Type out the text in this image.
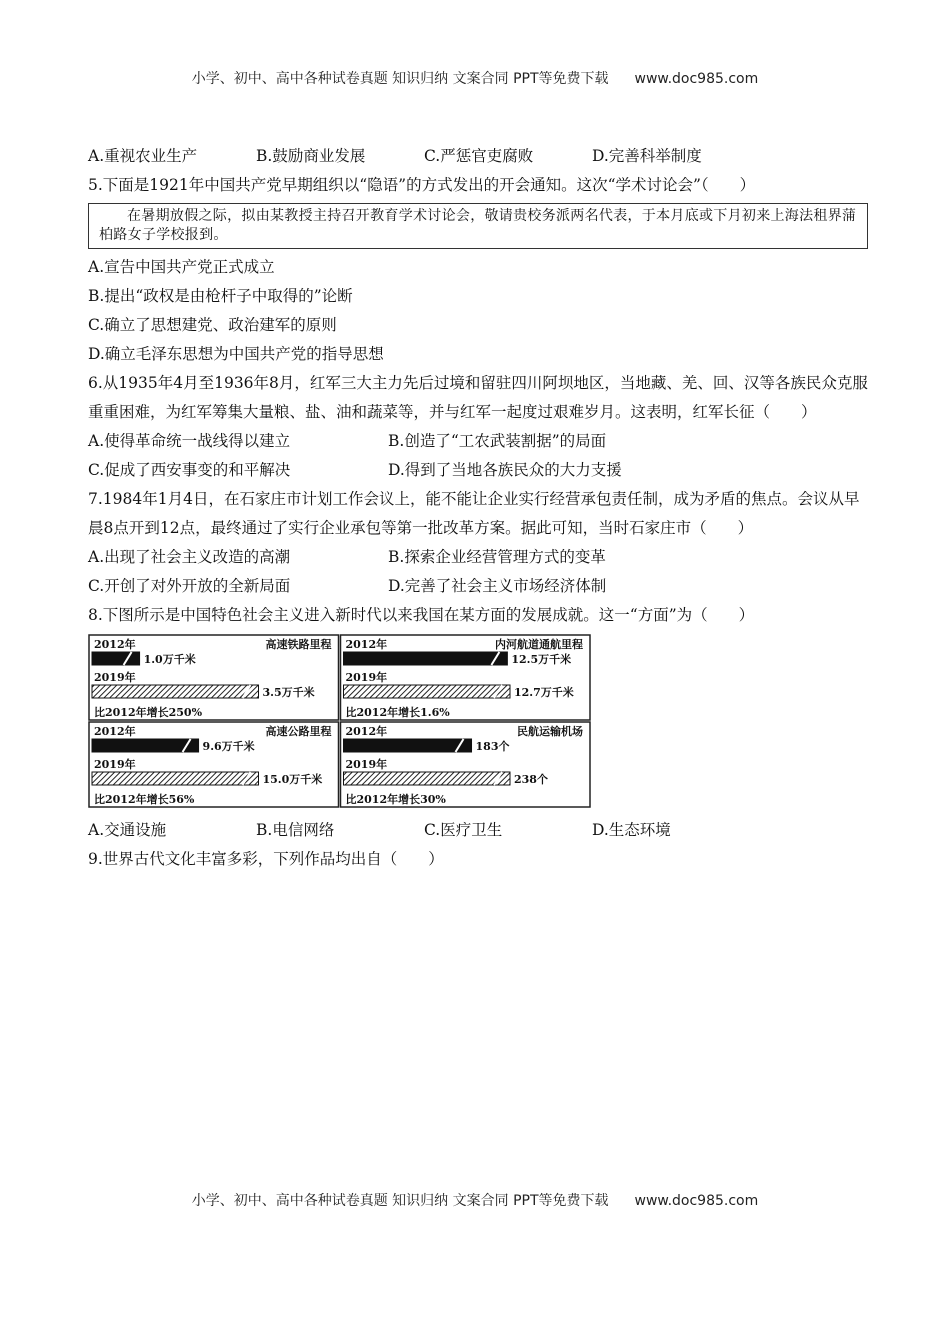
小学、初中、高中各种试卷真题 知识归纳 文案合同 PPT等免费下载 www.doc985.com
A.重视农业生产	B.鼓励商业发展	C.严惩官吏腐败	D.完善科举制度
5.下面是1921年中国共产党早期组织以“隐语”的方式发出的开会通知。这次“学术讨论会”（　　）

在暑期放假之际，拟由某教授主持召开教育学术讨论会，敬请贵校务派两名代表，于本月底或下月初来上海法租界蒲柏路女子学校报到。

A.宣告中国共产党正式成立
B.提出“政权是由枪杆子中取得的”论断
C.确立了思想建党、政治建军的原则
D.确立毛泽东思想为中国共产党的指导思想
6.从1935年4月至1936年8月，红军三大主力先后过境和留驻四川阿坝地区，当地藏、羌、回、汉等各族民众克服重重困难，为红军筹集大量粮、盐、油和蔬菜等，并与红军一起度过艰难岁月。这表明，红军长征（　　）
A.使得革命统一战线得以建立	B.创造了“工农武装割据”的局面
C.促成了西安事变的和平解决	D.得到了当地各族民众的大力支援
7.1984年1月4日，在石家庄市计划工作会议上，能不能让企业实行经营承包责任制，成为矛盾的焦点。会议从早晨8点开到12点，最终通过了实行企业承包等第一批改革方案。据此可知，当时石家庄市（　　）
A.出现了社会主义改造的高潮	B.探索企业经营管理方式的变革
C.开创了对外开放的全新局面	D.完善了社会主义市场经济体制
8.下图所示是中国特色社会主义进入新时代以来我国在某方面的发展成就。这一“方面”为（　　）
高速铁路里程
2012年
1.0万千米
2019年
3.5万千米
比2012年增长250%
内河航道通航里程
2012年
12.5万千米
2019年
12.7万千米
比2012年增长1.6%
高速公路里程
2012年
9.6万千米
2019年
15.0万千米
比2012年增长56%
民航运输机场
2012年
183个
2019年
238个
比2012年增长30%
A.交通设施	B.电信网络	C.医疗卫生	D.生态环境
9.世界古代文化丰富多彩，下列作品均出自（　　）
小学、初中、高中各种试卷真题 知识归纳 文案合同 PPT等免费下载 www.doc985.com
